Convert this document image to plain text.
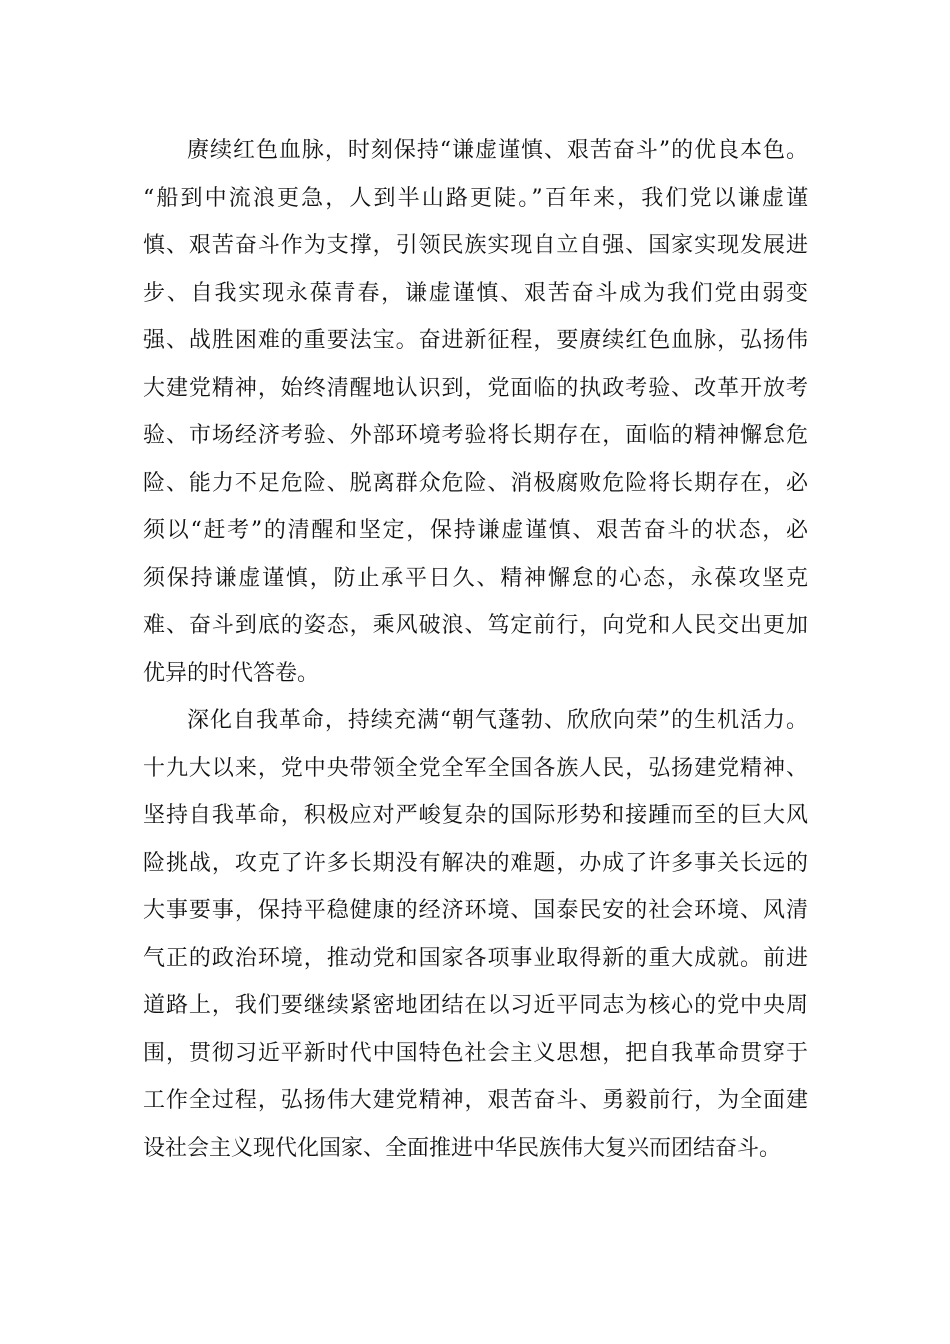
赓续红色血脉，时刻保持“谦虚谨慎、艰苦奋斗”的优良本色。
“船到中流浪更急，人到半山路更陡。”百年来，我们党以谦虚谨
慎、艰苦奋斗作为支撑，引领民族实现自立自强、国家实现发展进
步、自我实现永葆青春，谦虚谨慎、艰苦奋斗成为我们党由弱变
强、战胜困难的重要法宝。奋进新征程，要赓续红色血脉，弘扬伟
大建党精神，始终清醒地认识到，党面临的执政考验、改革开放考
验、市场经济考验、外部环境考验将长期存在，面临的精神懈怠危
险、能力不足危险、脱离群众危险、消极腐败危险将长期存在，必
须以“赶考”的清醒和坚定，保持谦虚谨慎、艰苦奋斗的状态，必
须保持谦虚谨慎，防止承平日久、精神懈怠的心态，永葆攻坚克
难、奋斗到底的姿态，乘风破浪、笃定前行，向党和人民交出更加
优异的时代答卷。
深化自我革命，持续充满“朝气蓬勃、欣欣向荣”的生机活力。
十九大以来，党中央带领全党全军全国各族人民，弘扬建党精神、
坚持自我革命，积极应对严峻复杂的国际形势和接踵而至的巨大风
险挑战，攻克了许多长期没有解决的难题，办成了许多事关长远的
大事要事，保持平稳健康的经济环境、国泰民安的社会环境、风清
气正的政治环境，推动党和国家各项事业取得新的重大成就。前进
道路上，我们要继续紧密地团结在以习近平同志为核心的党中央周
围，贯彻习近平新时代中国特色社会主义思想，把自我革命贯穿于
工作全过程，弘扬伟大建党精神，艰苦奋斗、勇毅前行，为全面建
设社会主义现代化国家、全面推进中华民族伟大复兴而团结奋斗。
